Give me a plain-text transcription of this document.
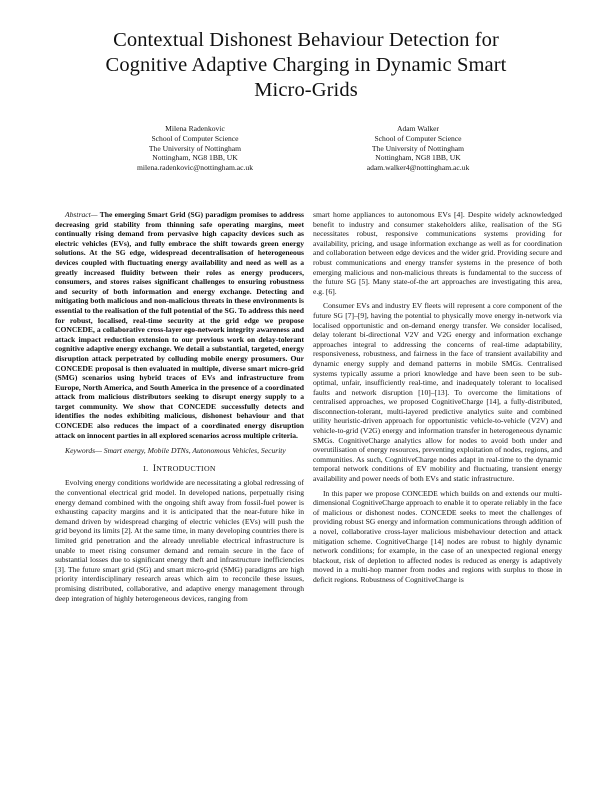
Contextual Dishonest Behaviour Detection for
Cognitive Adaptive Charging in Dynamic Smart
Micro-Grids
Milena Radenkovic
School of Computer Science
The University of Nottingham
Nottingham, NG8 1BB, UK
milena.radenkovic@nottingham.ac.uk
Adam Walker
School of Computer Science
The University of Nottingham
Nottingham, NG8 1BB, UK
adam.walker4@nottingham.ac.uk

Abstract— The emerging Smart Grid (SG) paradigm promises to address decreasing grid stability from thinning safe operating margins, meet continually rising demand from pervasive high capacity devices such as electric vehicles (EVs), and fully embrace the shift towards green energy solutions. At the SG edge, widespread decentralisation of heterogeneous devices coupled with fluctuating energy availability and need as well as a greatly increased fluidity between their roles as energy producers, consumers, and stores raises significant challenges to ensuring robustness and security of both information and energy exchange. Detecting and mitigating both malicious and non-malicious threats in these environments is essential to the realisation of the full potential of the SG. To address this need for robust, localised, real-time security at the grid edge we propose CONCEDE, a collaborative cross-layer ego-network integrity awareness and attack impact reduction extension to our previous work on delay-tolerant cognitive adaptive energy exchange. We detail a substantial, targeted, energy disruption attack perpetrated by colluding mobile energy prosumers. Our CONCEDE proposal is then evaluated in multiple, diverse smart micro-grid (SMG) scenarios using hybrid traces of EVs and infrastructure from Europe, North America, and South America in the presence of a coordinated attack from malicious distributors seeking to disrupt energy supply to a target community. We show that CONCEDE successfully detects and identifies the nodes exhibiting malicious, dishonest behaviour and that CONCEDE also reduces the impact of a coordinated energy disruption attack on innocent parties in all explored scenarios across multiple criteria.

Keywords— Smart energy, Mobile DTNs, Autonomous Vehicles, Security

I. INTRODUCTION

Evolving energy conditions worldwide are necessitating a global redressing of the conventional electrical grid model. In developed nations, perpetually rising energy demand combined with the ongoing shift away from fossil-fuel power is exhausting capacity margins and it is anticipated that the near-future hike in demand driven by widespread charging of electric vehicles (EVs) will push the grid beyond its limits [2]. At the same time, in many developing countries there is limited grid penetration and the already unreliable electrical infrastructure is unable to meet rising consumer demand and remain secure in the face of substantial losses due to significant energy theft and infrastructure inefficiencies [3]. The future smart grid (SG) and smart micro-grid (SMG) paradigms are high priority interdisciplinary research areas which aim to reconcile these issues, promising distributed, collaborative, and adaptive energy management through deep integration of highly heterogeneous devices, ranging from

smart home appliances to autonomous EVs [4]. Despite widely acknowledged benefit to industry and consumer stakeholders alike, realisation of the SG necessitates robust, responsive communications systems providing for availability, pricing, and usage information exchange as well as for coordination and collaboration between edge devices and the wider grid. Providing secure and robust communications and energy transfer systems in the presence of both emerging malicious and non-malicious threats is fundamental to the success of the future SG [5]. Many state-of-the art approaches are investigating this area, e.g. [6].

Consumer EVs and industry EV fleets will represent a core component of the future SG [7]–[9], having the potential to physically move energy in-network via localised opportunistic and on-demand energy transfer. We consider localised, delay tolerant bi-directional V2V and V2G energy and information exchange approaches integral to addressing the concerns of real-time adaptability, responsiveness, robustness, and fairness in the face of transient availability and dynamic energy supply and demand patterns in mobile SMGs. Centralised systems typically assume a priori knowledge and have been seen to be sub-optimal, unfair, insufficiently real-time, and inadequately tolerant to localised faults and network disruption [10]–[13]. To overcome the limitations of centralised approaches, we proposed CognitiveCharge [14], a fully-distributed, disconnection-tolerant, multi-layered predictive analytics suite and combined utility heuristic-driven approach for opportunistic vehicle-to-vehicle (V2V) and vehicle-to-grid (V2G) energy and information transfer in heterogeneous dynamic SMGs. CognitiveCharge analytics allow for nodes to avoid both under and overutilisation of energy resources, preventing exploitation of nodes, regions, and communities. As such, CognitiveCharge nodes adapt in real-time to the dynamic temporal network conditions of EV mobility and fluctuating, transient energy availability and power needs of both EVs and static infrastructure.

In this paper we propose CONCEDE which builds on and extends our multi-dimensional CognitiveCharge approach to enable it to operate reliably in the face of malicious or dishonest nodes. CONCEDE seeks to meet the challenges of providing robust SG energy and information communications through addition of a novel, collaborative cross-layer malicious misbehaviour detection and attack mitigation scheme. CognitiveCharge [14] nodes are robust to highly dynamic network conditions; for example, in the case of an unexpected regional energy blackout, risk of depletion to affected nodes is reduced as energy is adaptively moved in a multi-hop manner from nodes and regions with surplus to those in deficit regions. Robustness of CognitiveCharge is
